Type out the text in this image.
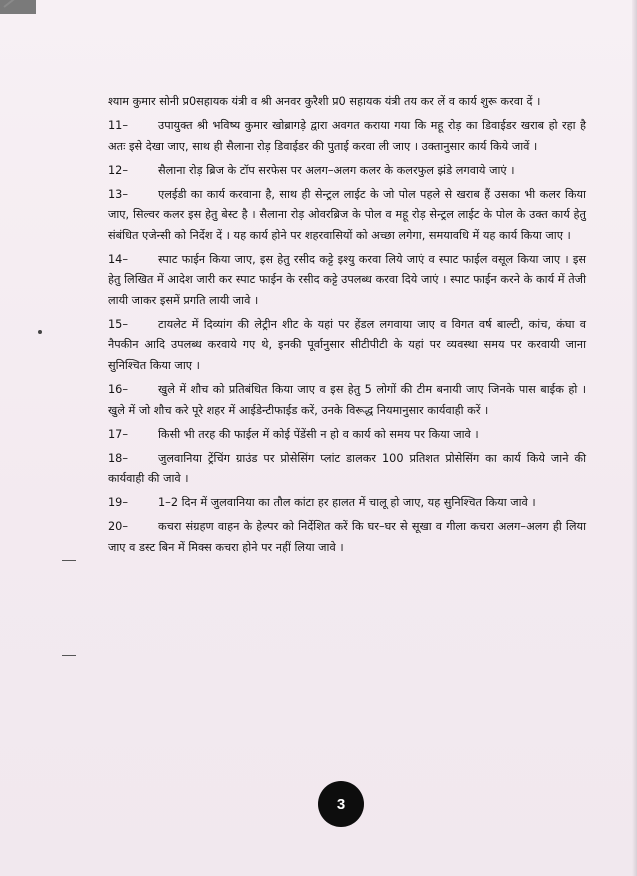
श्याम कुमार सोनी प्र0सहायक यंत्री व श्री अनवर कुरैशी प्र0 सहायक यंत्री तय कर लें व कार्य शुरू करवा दें ।

11–	उपायुक्त श्री भविष्य कुमार खोब्रागड़े द्वारा अवगत कराया गया कि महू रोड़ का डिवाईडर खराब हो रहा है अतः इसे देखा जाए, साथ ही सैलाना रोड़ डिवाईडर की पुताई करवा ली जाए । उक्तानुसार कार्य किये जावें ।

12–	सैलाना रोड़ ब्रिज के टॉप सरफेस पर अलग–अलग कलर के कलरफुल झंडे लगवाये जाएं ।

13–	एलईडी का कार्य करवाना है, साथ ही सेन्ट्रल लाईट के जो पोल पहले से खराब हैं उसका भी कलर किया जाए, सिल्वर कलर इस हेतु बेस्ट है । सैलाना रोड़ ओवरब्रिज के पोल व महू रोड़ सेन्ट्रल लाईट के पोल के उक्त कार्य हेतु संबंधित एजेन्सी को निर्देश दें । यह कार्य होने पर शहरवासियों को अच्छा लगेगा, समयावधि में यह कार्य किया जाए ।

14–	स्पाट फाईन किया जाए, इस हेतु रसीद कट्टे इश्यु करवा लिये जाएं व स्पाट फाईल वसूल किया जाए । इस हेतु लिखित में आदेश जारी कर स्पाट फाईन के रसीद कट्टे उपलब्ध करवा दिये जाएं । स्पाट फाईन करने के कार्य में तेजी लायी जाकर इसमें प्रगति लायी जावे ।

15–	टायलेट में दिव्यांग की लेट्रीन शीट के यहां पर हेंडल लगवाया जाए व विगत वर्ष बाल्टी, कांच, कंघा व नैपकीन आदि उपलब्ध करवाये गए थे, इनकी पूर्वानुसार सीटीपीटी के यहां पर व्यवस्था समय पर करवायी जाना सुनिश्चित किया जाए ।

16–	खुले में शौच को प्रतिबंधित किया जाए व इस हेतु 5 लोगों की टीम बनायी जाए जिनके पास बाईक हो । खुले में जो शौच करे पूरे शहर में आईडेन्टीफाईड करें, उनके विरूद्ध नियमानुसार कार्यवाही करें ।

17–	किसी भी तरह की फाईल में कोई पेंडेंसी न हो व कार्य को समय पर किया जावे ।

18–	जुलवानिया ट्रेंचिंग ग्राउंड पर प्रोसेसिंग प्लांट डालकर 100 प्रतिशत प्रोसेसिंग का कार्य किये जाने की कार्यवाही की जावे ।

19–	1–2 दिन में जुलवानिया का तौल कांटा हर हालत में चालू हो जाए, यह सुनिश्चित किया जावे ।

20–	कचरा संग्रहण वाहन के हेल्पर को निर्देशित करें कि घर–घर से सूखा व गीला कचरा अलग–अलग ही लिया जाए व डस्ट बिन में मिक्स कचरा होने पर नहीं लिया जावे ।

3
